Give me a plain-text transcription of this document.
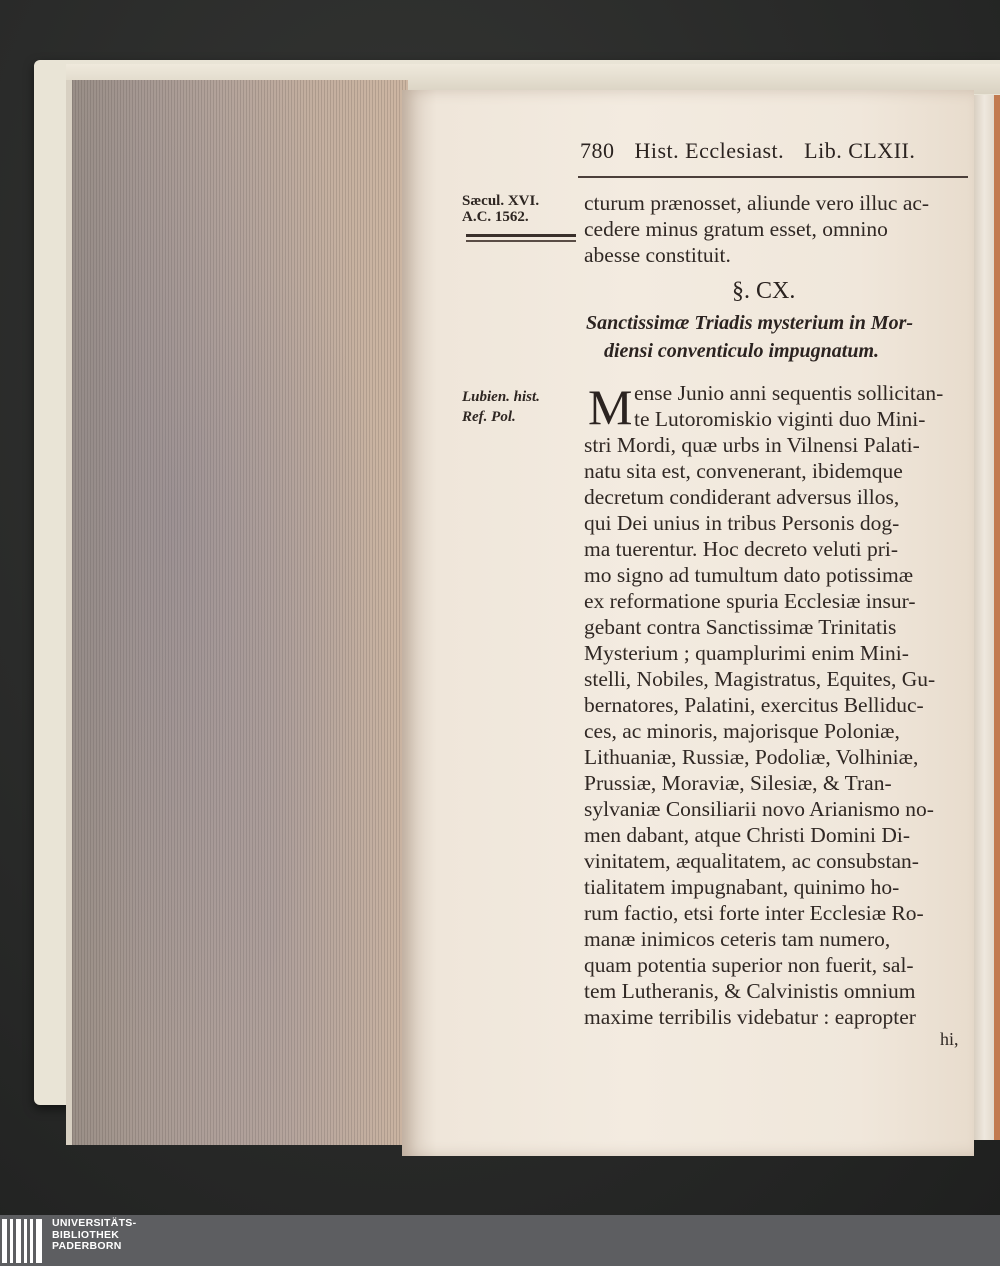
780 Hist. Ecclesiast. Lib. CLXII.
Sæcul. XVI.
A.C. 1562.
Lubien. hist.
Ref. Pol.
cturum prænosset, aliunde vero illuc ac-
cedere minus gratum esset, omnino
abesse constituit.
§. CX.
Sanctissimæ Triadis mysterium in Mor-
diensi conventiculo impugnatum.
M ense Junio anni sequentis sollicitan-
te Lutoromiskio viginti duo Mini-
stri Mordi, quæ urbs in Vilnensi Palati-
natu sita est, convenerant, ibidemque
decretum condiderant adversus illos,
qui Dei unius in tribus Personis dog-
ma tuerentur. Hoc decreto veluti pri-
mo signo ad tumultum dato potissimæ
ex reformatione spuria Ecclesiæ insur-
gebant contra Sanctissimæ Trinitatis
Mysterium ; quamplurimi enim Mini-
stelli, Nobiles, Magistratus, Equites, Gu-
bernatores, Palatini, exercitus Belliduc-
ces, ac minoris, majorisque Poloniæ,
Lithuaniæ, Russiæ, Podoliæ, Volhiniæ,
Prussiæ, Moraviæ, Silesiæ, & Tran-
sylvaniæ Consiliarii novo Arianismo no-
men dabant, atque Christi Domini Di-
vinitatem, æqualitatem, ac consubstan-
tialitatem impugnabant, quinimo ho-
rum factio, etsi forte inter Ecclesiæ Ro-
manæ inimicos ceteris tam numero,
quam potentia superior non fuerit, sal-
tem Lutheranis, & Calvinistis omnium
maxime terribilis videbatur : eapropter
hi,
UNIVERSITÄTS-
BIBLIOTHEK
PADERBORN
